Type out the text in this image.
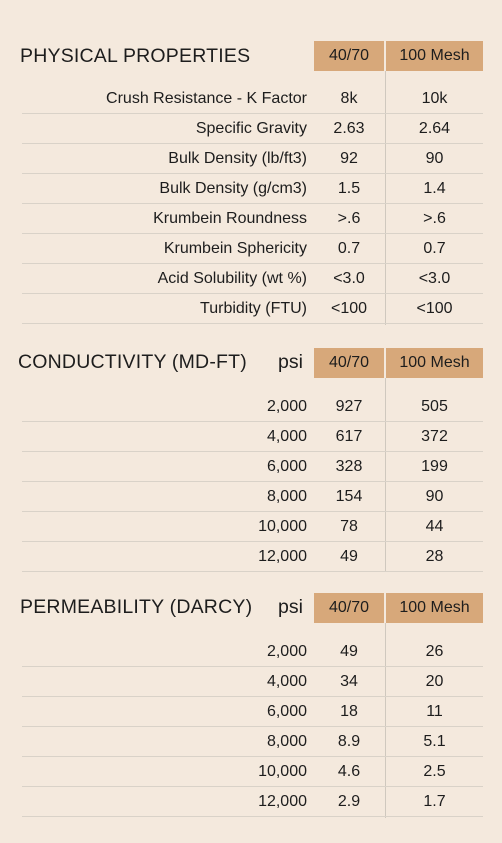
PHYSICAL PROPERTIES	40/70	100 Mesh
Crush Resistance - K Factor	8k	10k
Specific Gravity	2.63	2.64
Bulk Density (lb/ft3)	92	90
Bulk Density (g/cm3)	1.5	1.4
Krumbein Roundness	>.6	>.6
Krumbein Sphericity	0.7	0.7
Acid Solubility (wt %)	<3.0	<3.0
Turbidity (FTU)	<100	<100
CONDUCTIVITY (MD-FT) psi	40/70	100 Mesh
2,000	927	505
4,000	617	372
6,000	328	199
8,000	154	90
10,000	78	44
12,000	49	28
PERMEABILITY (DARCY) psi	40/70	100 Mesh
2,000	49	26
4,000	34	20
6,000	18	11
8,000	8.9	5.1
10,000	4.6	2.5
12,000	2.9	1.7
